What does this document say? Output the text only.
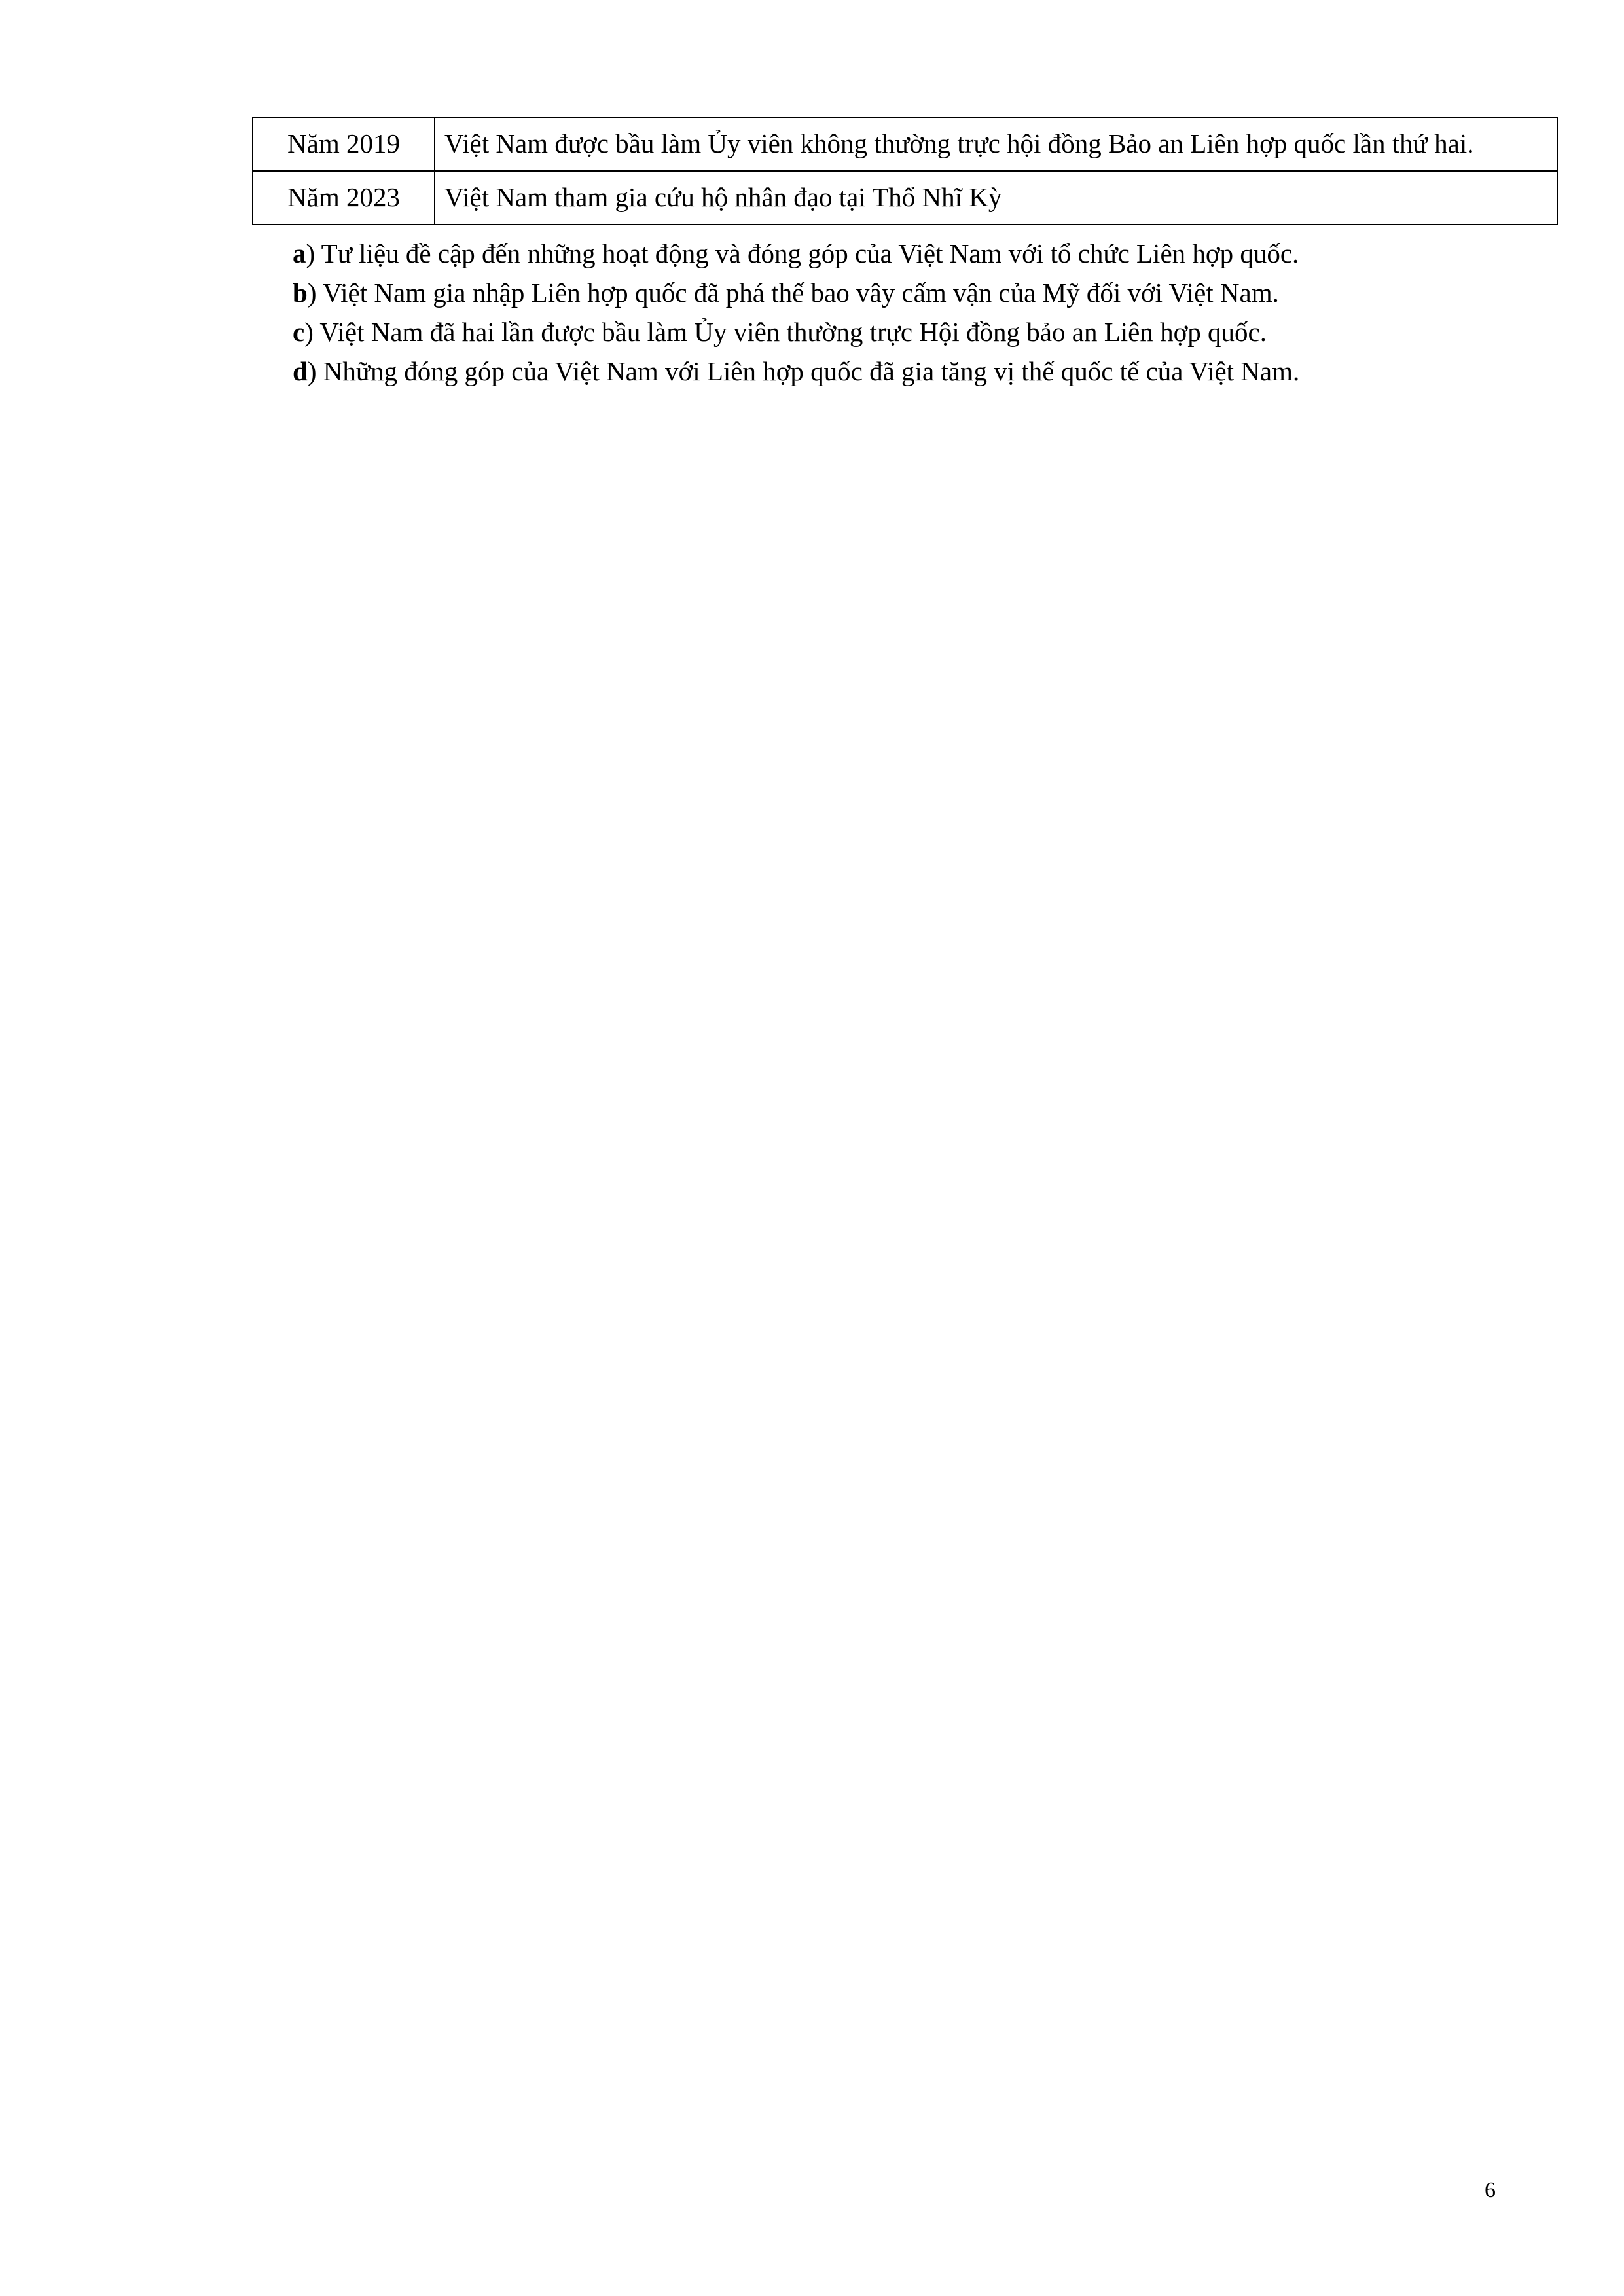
Năm 2019	Việt Nam được bầu làm Ủy viên không thường trực hội đồng Bảo an Liên hợp quốc lần thứ hai.
Năm 2023	Việt Nam tham gia cứu hộ nhân đạo tại Thổ Nhĩ Kỳ

a) Tư liệu đề cập đến những hoạt động và đóng góp của Việt Nam với tổ chức Liên hợp quốc.

b) Việt Nam gia nhập Liên hợp quốc đã phá thế bao vây cấm vận của Mỹ đối với Việt Nam.

c) Việt Nam đã hai lần được bầu làm Ủy viên thường trực Hội đồng bảo an Liên hợp quốc.

d) Những đóng góp của Việt Nam với Liên hợp quốc đã gia tăng vị thế quốc tế của Việt Nam.

6
